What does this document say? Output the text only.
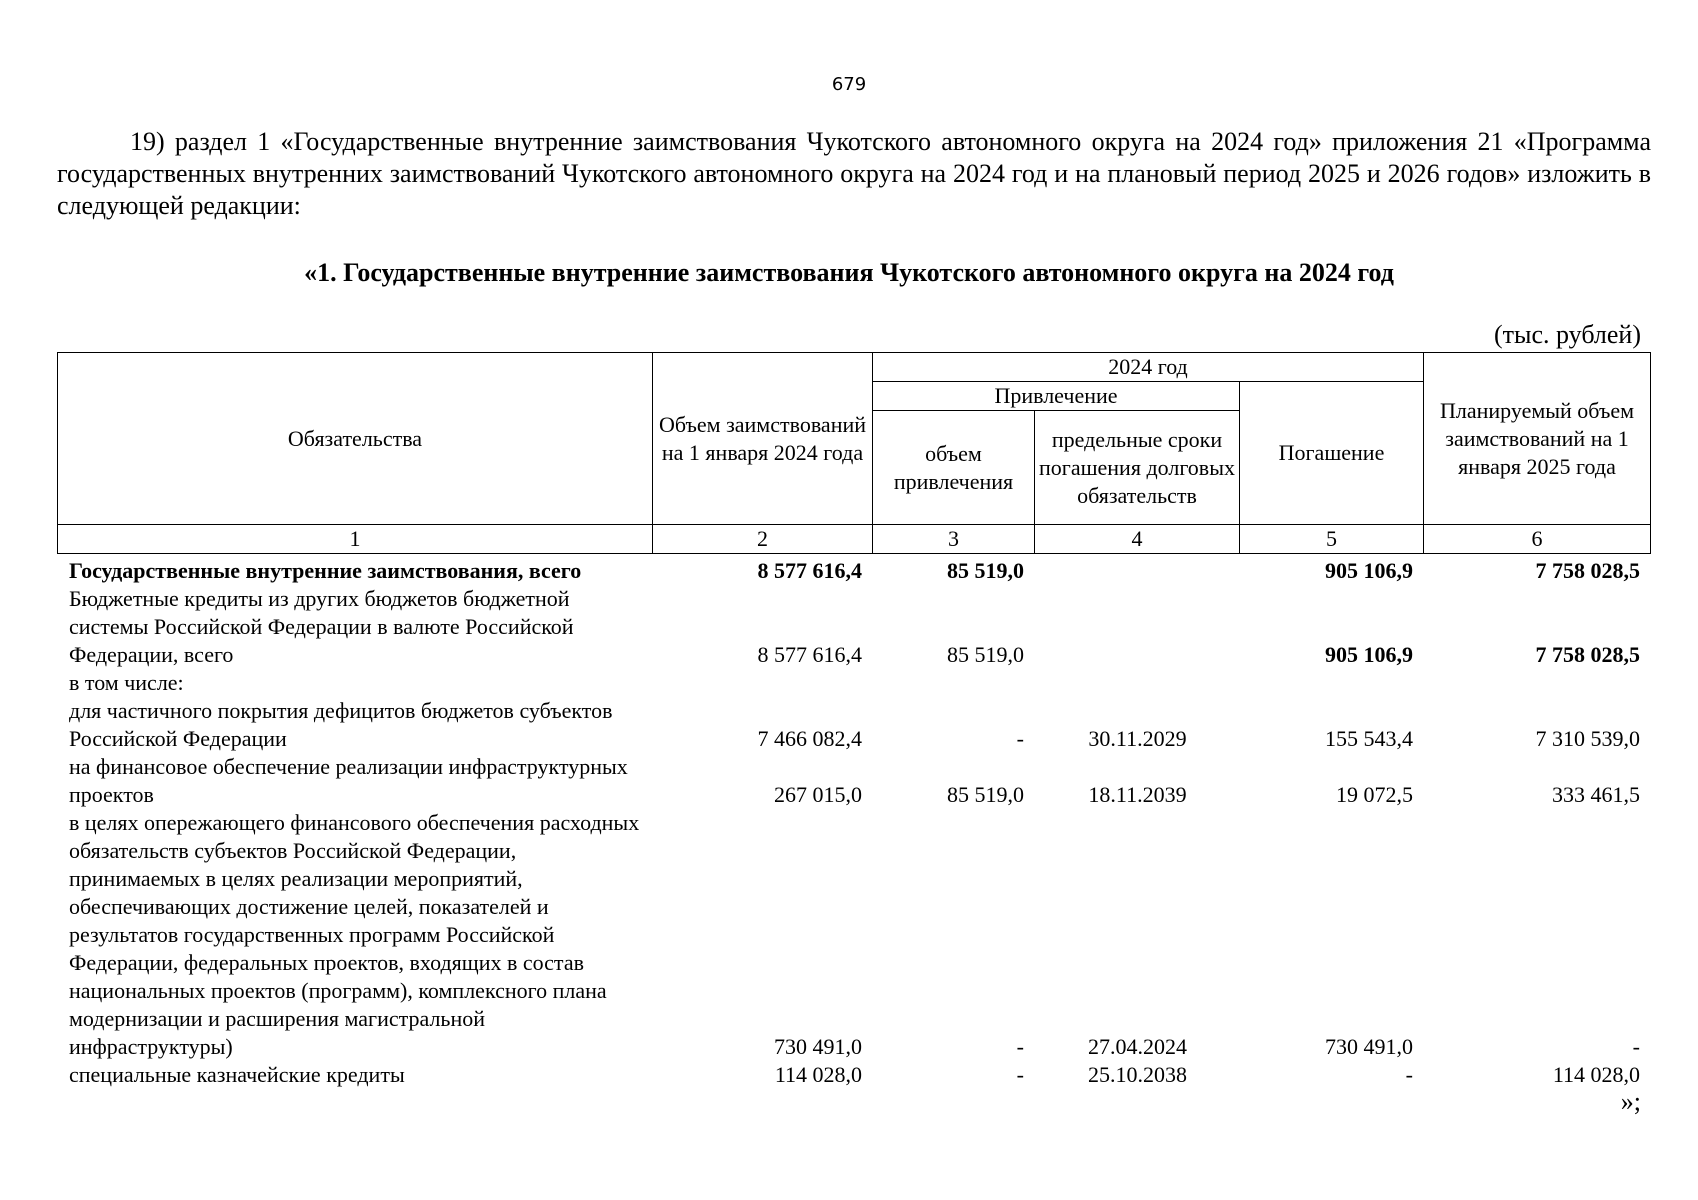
679

19) раздел 1 «Государственные внутренние заимствования Чукотского автономного округа на 2024 год» приложения 21 «Программа государственных внутренних заимствований Чукотского автономного округа на 2024 год и на плановый период 2025 и 2026 годов» изложить в следующей редакции:

«1. Государственные внутренние заимствования Чукотского автономного округа на 2024 год
(тыс. рублей)
Обязательства	Объем заимствований на 1 января 2024 года	2024 год			Планируемый объем заимствований на 1 января 2025 года
		Привлечение		Погашение	
		объем привлечения	предельные сроки погашения долговых обязательств		
1	2	3	4	5	6
Государственные внутренние заимствования, всего	8 577 616,4	85 519,0		905 106,9	7 758 028,5
Бюджетные кредиты из других бюджетов бюджетной системы Российской Федерации в валюте Российской Федерации, всего	8 577 616,4	85 519,0		905 106,9	7 758 028,5
в том числе:					
для частичного покрытия дефицитов бюджетов субъектов Российской Федерации	7 466 082,4	-	30.11.2029	155 543,4	7 310 539,0
на финансовое обеспечение реализации инфраструктурных проектов	267 015,0	85 519,0	18.11.2039	19 072,5	333 461,5
в целях опережающего финансового обеспечения расходных обязательств субъектов Российской Федерации, принимаемых в целях реализации мероприятий, обеспечивающих достижение целей, показателей и результатов государственных программ Российской Федерации, федеральных проектов, входящих в состав национальных проектов (программ), комплексного плана модернизации и расширения магистральной инфраструктуры)	730 491,0	-	27.04.2024	730 491,0	-
специальные казначейские кредиты	114 028,0	-	25.10.2038	-	114 028,0
»;
